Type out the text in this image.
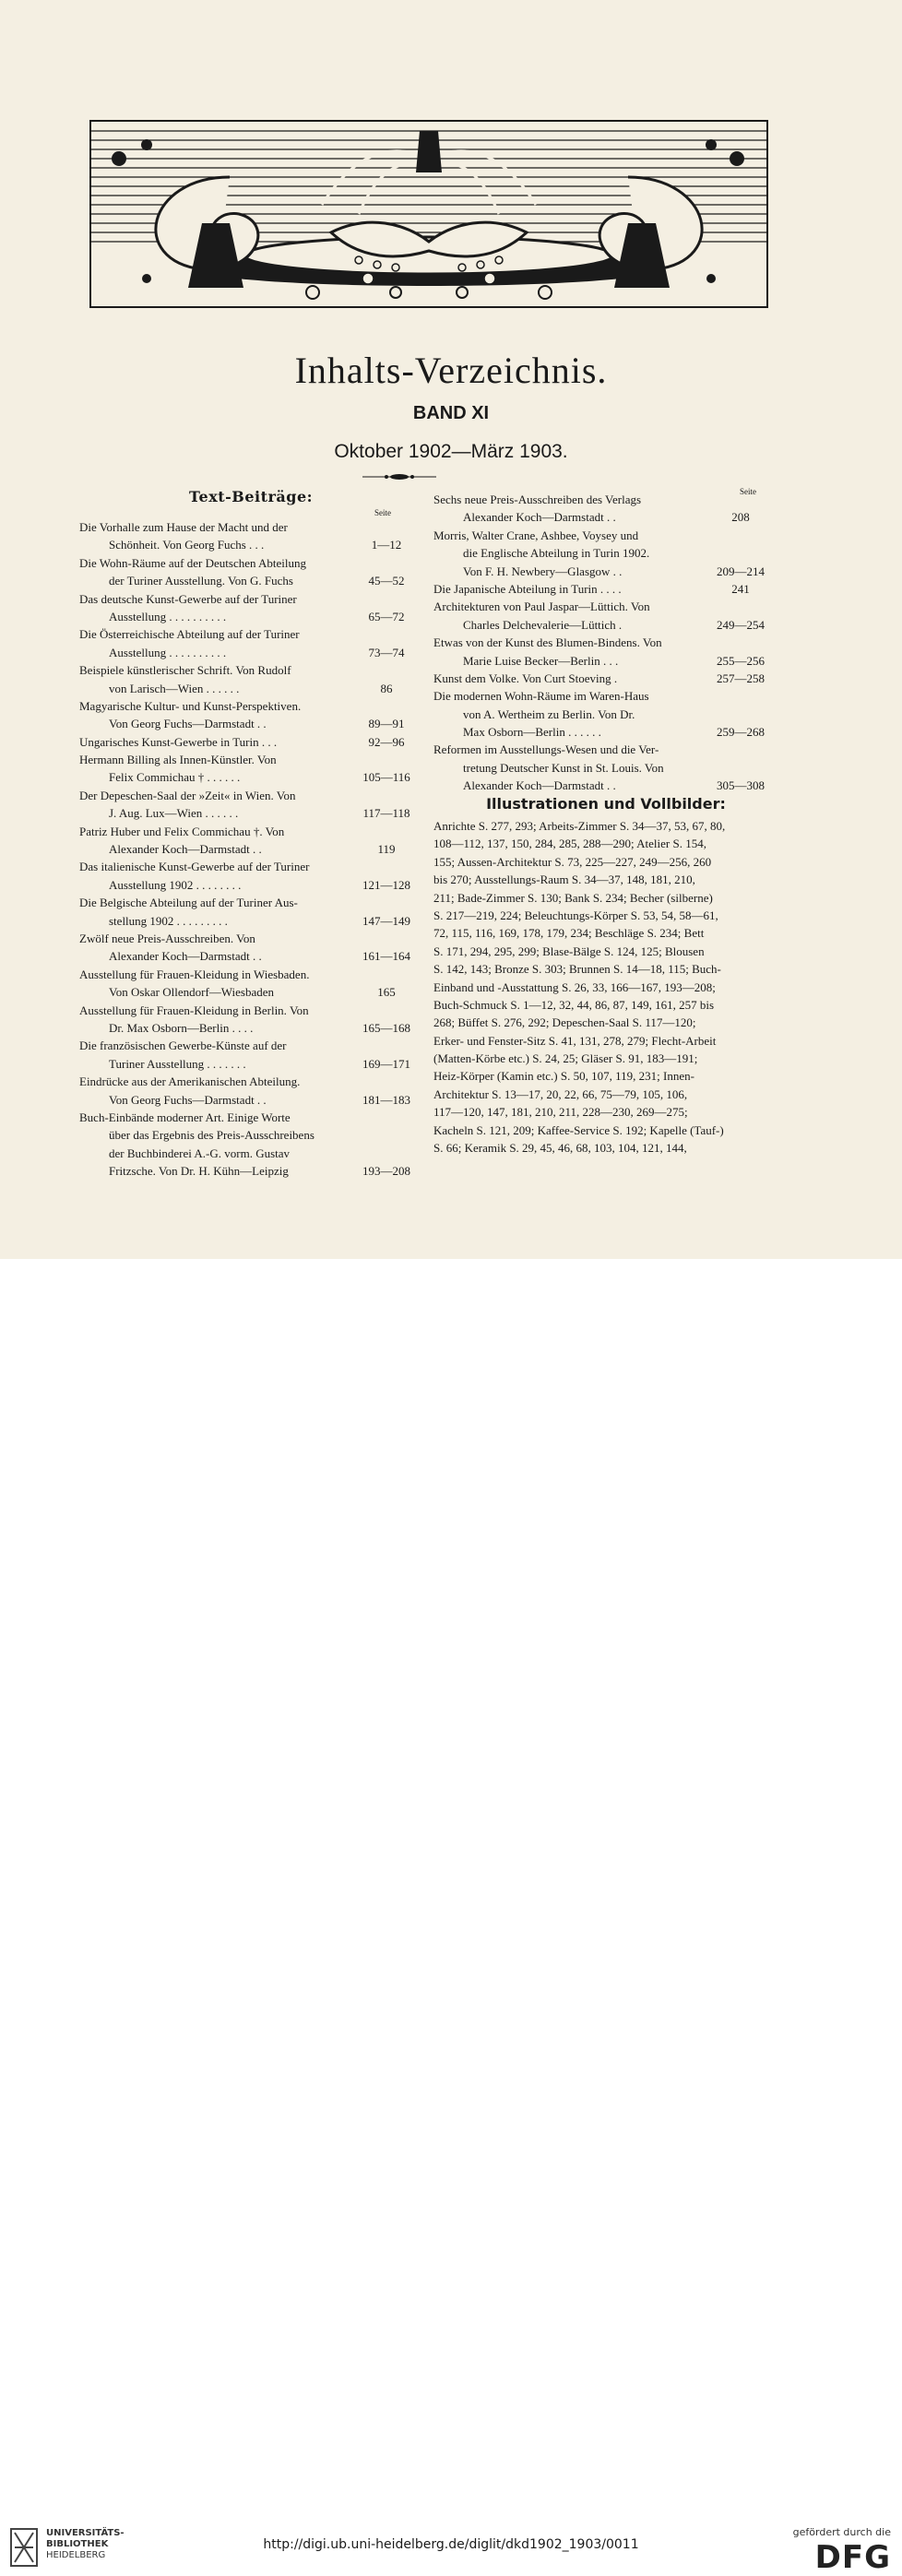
Inhalts-Verzeichnis.
BAND XI
Oktober 1902—März 1903.
Text-Beiträge:
Seite
Die Vorhalle zum Hause der Macht und der
Schönheit. Von Georg Fuchs . . .	1—12
Die Wohn-Räume auf der Deutschen Abteilung
der Turiner Ausstellung. Von G. Fuchs	45—52
Das deutsche Kunst-Gewerbe auf der Turiner
Ausstellung . . . . . . . . . .	65—72
Die Österreichische Abteilung auf der Turiner
Ausstellung . . . . . . . . . .	73—74
Beispiele künstlerischer Schrift. Von Rudolf
von Larisch—Wien . . . . . .	86
Magyarische Kultur- und Kunst-Perspektiven.
Von Georg Fuchs—Darmstadt . .	89—91
Ungarisches Kunst-Gewerbe in Turin . . .	92—96
Hermann Billing als Innen-Künstler. Von
Felix Commichau † . . . . . .	105—116
Der Depeschen-Saal der »Zeit« in Wien. Von
J. Aug. Lux—Wien . . . . . .	117—118
Patriz Huber und Felix Commichau †. Von
Alexander Koch—Darmstadt . .	119
Das italienische Kunst-Gewerbe auf der Turiner
Ausstellung 1902 . . . . . . . .	121—128
Die Belgische Abteilung auf der Turiner Aus-
stellung 1902 . . . . . . . . .	147—149
Zwölf neue Preis-Ausschreiben. Von
Alexander Koch—Darmstadt . .	161—164
Ausstellung für Frauen-Kleidung in Wiesbaden.
Von Oskar Ollendorf—Wiesbaden	165
Ausstellung für Frauen-Kleidung in Berlin. Von
Dr. Max Osborn—Berlin . . . .	165—168
Die französischen Gewerbe-Künste auf der
Turiner Ausstellung . . . . . . .	169—171
Eindrücke aus der Amerikanischen Abteilung.
Von Georg Fuchs—Darmstadt . .	181—183
Buch-Einbände moderner Art. Einige Worte
über das Ergebnis des Preis-Ausschreibens
der Buchbinderei A.-G. vorm. Gustav
Fritzsche. Von Dr. H. Kühn—Leipzig	193—208
Seite
Sechs neue Preis-Ausschreiben des Verlags
Alexander Koch—Darmstadt . .	208
Morris, Walter Crane, Ashbee, Voysey und
die Englische Abteilung in Turin 1902.
Von F. H. Newbery—Glasgow . .	209—214
Die Japanische Abteilung in Turin . . . .	241
Architekturen von Paul Jaspar—Lüttich. Von
Charles Delchevalerie—Lüttich .	249—254
Etwas von der Kunst des Blumen-Bindens. Von
Marie Luise Becker—Berlin . . .	255—256
Kunst dem Volke. Von Curt Stoeving .	257—258
Die modernen Wohn-Räume im Waren-Haus
von A. Wertheim zu Berlin. Von Dr.
Max Osborn—Berlin . . . . . .	259—268
Reformen im Ausstellungs-Wesen und die Ver-
tretung Deutscher Kunst in St. Louis. Von
Alexander Koch—Darmstadt . .	305—308
Illustrationen und Vollbilder:
Anrichte S. 277, 293; Arbeits-Zimmer S. 34—37, 53, 67, 80,
108—112, 137, 150, 284, 285, 288—290; Atelier S. 154,
155; Aussen-Architektur S. 73, 225—227, 249—256, 260
bis 270; Ausstellungs-Raum S. 34—37, 148, 181, 210,
211; Bade-Zimmer S. 130; Bank S. 234; Becher (silberne)
S. 217—219, 224; Beleuchtungs-Körper S. 53, 54, 58—61,
72, 115, 116, 169, 178, 179, 234; Beschläge S. 234; Bett
S. 171, 294, 295, 299; Blase-Bälge S. 124, 125; Blousen
S. 142, 143; Bronze S. 303; Brunnen S. 14—18, 115; Buch-
Einband und -Ausstattung S. 26, 33, 166—167, 193—208;
Buch-Schmuck S. 1—12, 32, 44, 86, 87, 149, 161, 257 bis
268; Büffet S. 276, 292; Depeschen-Saal S. 117—120;
Erker- und Fenster-Sitz S. 41, 131, 278, 279; Flecht-Arbeit
(Matten-Körbe etc.) S. 24, 25; Gläser S. 91, 183—191;
Heiz-Körper (Kamin etc.) S. 50, 107, 119, 231; Innen-
Architektur S. 13—17, 20, 22, 66, 75—79, 105, 106,
117—120, 147, 181, 210, 211, 228—230, 269—275;
Kacheln S. 121, 209; Kaffee-Service S. 192; Kapelle (Tauf-)
S. 66; Keramik S. 29, 45, 46, 68, 103, 104, 121, 144,
UNIVERSITÄTS-
BIBLIOTHEK
HEIDELBERG
http://digi.ub.uni-heidelberg.de/diglit/dkd1902_1903/0011
gefördert durch die
DFG
